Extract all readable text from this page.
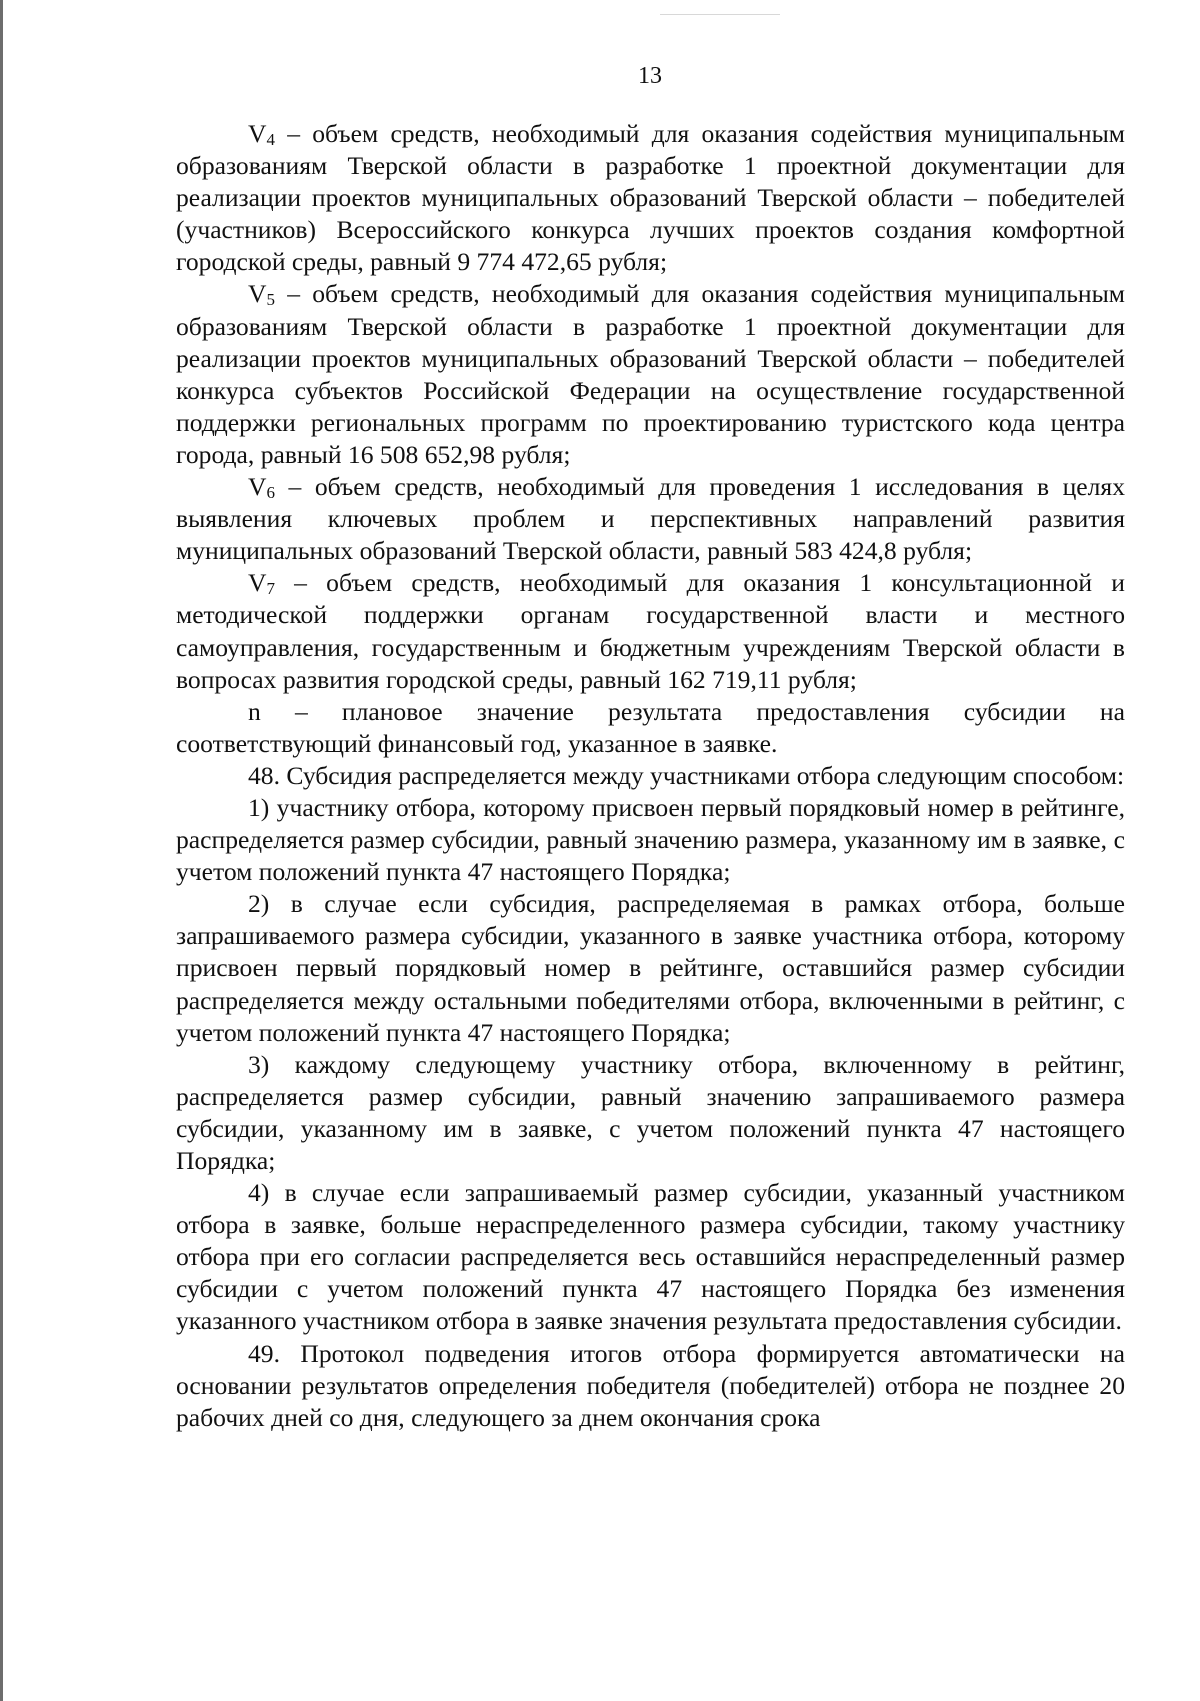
13

$V_4$ – объем средств, необходимый для оказания содействия муниципальным образованиям Тверской области в разработке 1 проектной документации для реализации проектов муниципальных образований Тверской области – победителей (участников) Всероссийского конкурса лучших проектов создания комфортной городской среды, равный 9 774 472,65 рубля;

$V_5$ – объем средств, необходимый для оказания содействия муниципальным образованиям Тверской области в разработке 1 проектной документации для реализации проектов муниципальных образований Тверской области – победителей конкурса субъектов Российской Федерации на осуществление государственной поддержки региональных программ по проектированию туристского кода центра города, равный 16 508 652,98 рубля;

$V_6$ – объем средств, необходимый для проведения 1 исследования в целях выявления ключевых проблем и перспективных направлений развития муниципальных образований Тверской области, равный 583 424,8 рубля;

$V_7$ – объем средств, необходимый для оказания 1 консультационной и методической поддержки органам государственной власти и местного самоуправления, государственным и бюджетным учреждениям Тверской области в вопросах развития городской среды, равный 162 719,11 рубля;

n – плановое значение результата предоставления субсидии на соответствующий финансовый год, указанное в заявке.

48. Субсидия распределяется между участниками отбора следующим способом:

1) участнику отбора, которому присвоен первый порядковый номер в рейтинге, распределяется размер субсидии, равный значению размера, указанному им в заявке, с учетом положений пункта 47 настоящего Порядка;

2) в случае если субсидия, распределяемая в рамках отбора, больше запрашиваемого размера субсидии, указанного в заявке участника отбора, которому присвоен первый порядковый номер в рейтинге, оставшийся размер субсидии распределяется между остальными победителями отбора, включенными в рейтинг, с учетом положений пункта 47 настоящего Порядка;

3) каждому следующему участнику отбора, включенному в рейтинг, распределяется размер субсидии, равный значению запрашиваемого размера субсидии, указанному им в заявке, с учетом положений пункта 47 настоящего Порядка;

4) в случае если запрашиваемый размер субсидии, указанный участником отбора в заявке, больше нераспределенного размера субсидии, такому участнику отбора при его согласии распределяется весь оставшийся нераспределенный размер субсидии с учетом положений пункта 47 настоящего Порядка без изменения указанного участником отбора в заявке значения результата предоставления субсидии.

49. Протокол подведения итогов отбора формируется автоматически на основании результатов определения победителя (победителей) отбора не позднее 20 рабочих дней со дня, следующего за днем окончания срока
